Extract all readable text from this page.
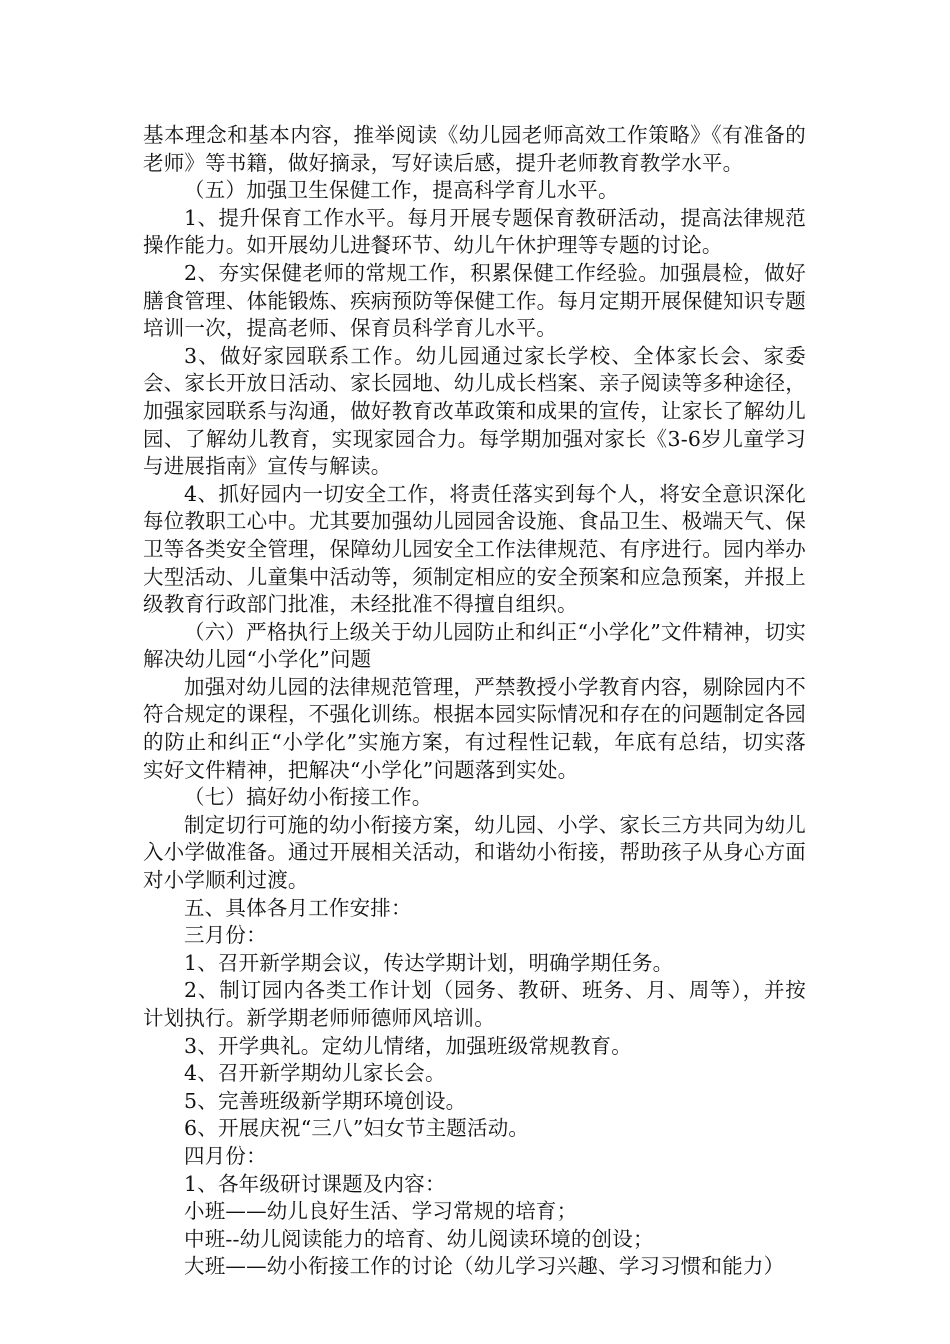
基本理念和基本内容，推举阅读《幼儿园老师高效工作策略》《有准备的老师》等书籍，做好摘录，写好读后感，提升老师教育教学水平。

（五）加强卫生保健工作，提高科学育儿水平。

1、提升保育工作水平。每月开展专题保育教研活动，提高法律规范操作能力。如开展幼儿进餐环节、幼儿午休护理等专题的讨论。

2、夯实保健老师的常规工作，积累保健工作经验。加强晨检，做好膳食管理、体能锻炼、疾病预防等保健工作。每月定期开展保健知识专题培训一次，提高老师、保育员科学育儿水平。

3、做好家园联系工作。幼儿园通过家长学校、全体家长会、家委会、家长开放日活动、家长园地、幼儿成长档案、亲子阅读等多种途径，加强家园联系与沟通，做好教育改革政策和成果的宣传，让家长了解幼儿园、了解幼儿教育，实现家园合力。每学期加强对家长《3-6岁儿童学习与进展指南》宣传与解读。

4、抓好园内一切安全工作，将责任落实到每个人，将安全意识深化每位教职工心中。尤其要加强幼儿园园舍设施、食品卫生、极端天气、保卫等各类安全管理，保障幼儿园安全工作法律规范、有序进行。园内举办大型活动、儿童集中活动等，须制定相应的安全预案和应急预案，并报上级教育行政部门批准，未经批准不得擅自组织。

（六）严格执行上级关于幼儿园防止和纠正“小学化”文件精神，切实解决幼儿园“小学化”问题

加强对幼儿园的法律规范管理，严禁教授小学教育内容，剔除园内不符合规定的课程，不强化训练。根据本园实际情况和存在的问题制定各园的防止和纠正“小学化”实施方案，有过程性记载，年底有总结，切实落实好文件精神，把解决“小学化”问题落到实处。

（七）搞好幼小衔接工作。

制定切行可施的幼小衔接方案，幼儿园、小学、家长三方共同为幼儿入小学做准备。通过开展相关活动，和谐幼小衔接，帮助孩子从身心方面对小学顺利过渡。

五、具体各月工作安排：

三月份：

1、召开新学期会议，传达学期计划，明确学期任务。

2、制订园内各类工作计划（园务、教研、班务、月、周等），并按计划执行。新学期老师师德师风培训。

3、开学典礼。定幼儿情绪，加强班级常规教育。

4、召开新学期幼儿家长会。

5、完善班级新学期环境创设。

6、开展庆祝“三八”妇女节主题活动。

四月份：

1、各年级研讨课题及内容：

小班——幼儿良好生活、学习常规的培育；

中班--幼儿阅读能力的培育、幼儿阅读环境的创设；

大班——幼小衔接工作的讨论（幼儿学习兴趣、学习习惯和能力）
